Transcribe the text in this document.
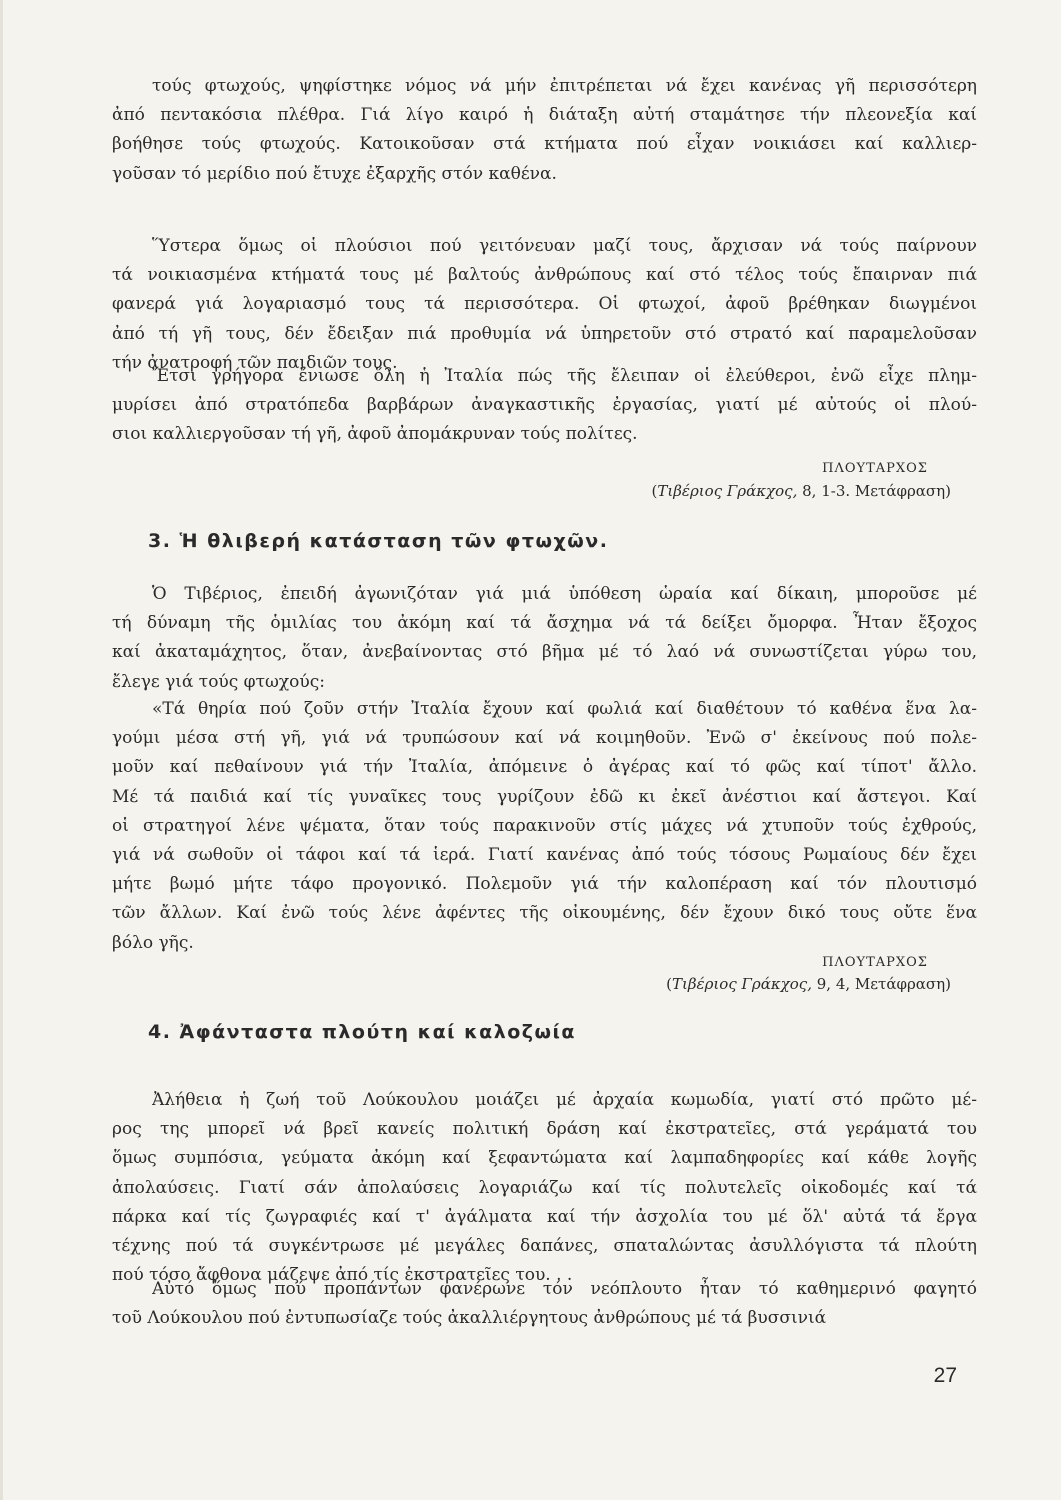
τούς φτωχούς, ψηφίστηκε νόμος νά μήν ἐπιτρέπεται νά ἔχει κανένας γῆ περισσότερη
ἀπό πεντακόσια πλέθρα. Γιά λίγο καιρό ἡ διάταξη αὐτή σταμάτησε τήν πλεονεξία καί
βοήθησε τούς φτωχούς. Κατοικοῦσαν στά κτήματα πού εἶχαν νοικιάσει καί καλλιερ-
γοῦσαν τό μερίδιο πού ἔτυχε ἐξαρχῆς στόν καθένα.
Ὕστερα ὅμως οἱ πλούσιοι πού γειτόνευαν μαζί τους, ἄρχισαν νά τούς παίρνουν
τά νοικιασμένα κτήματά τους μέ βαλτούς ἀνθρώπους καί στό τέλος τούς ἔπαιρναν πιά
φανερά γιά λογαριασμό τους τά περισσότερα. Οἱ φτωχοί, ἀφοῦ βρέθηκαν διωγμένοι
ἀπό τή γῆ τους, δέν ἔδειξαν πιά προθυμία νά ὑπηρετοῦν στό στρατό καί παραμελοῦσαν
τήν ἀνατροφή τῶν παιδιῶν τους.
Ἔτσι γρήγορα ἔνιωσε ὅλη ἡ Ἰταλία πώς τῆς ἔλειπαν οἱ ἐλεύθεροι, ἐνῶ εἶχε πλημ-
μυρίσει ἀπό στρατόπεδα βαρβάρων ἀναγκαστικῆς ἐργασίας, γιατί μέ αὐτούς οἱ πλού-
σιοι καλλιεργοῦσαν τή γῆ, ἀφοῦ ἀπομάκρυναν τούς πολίτες.
ΠΛΟΥΤΑΡΧΟΣ
(Τιβέριος Γράκχος, 8, 1-3. Μετάφραση)
3. Ἡ θλιβερή κατάσταση τῶν φτωχῶν.
Ὁ Τιβέριος, ἐπειδή ἀγωνιζόταν γιά μιά ὑπόθεση ὡραία καί δίκαιη, μποροῦσε μέ
τή δύναμη τῆς ὁμιλίας του ἀκόμη καί τά ἄσχημα νά τά δείξει ὄμορφα. Ἦταν ἔξοχος
καί ἀκαταμάχητος, ὅταν, ἀνεβαίνοντας στό βῆμα μέ τό λαό νά συνωστίζεται γύρω του,
ἔλεγε γιά τούς φτωχούς:
«Τά θηρία πού ζοῦν στήν Ἰταλία ἔχουν καί φωλιά καί διαθέτουν τό καθένα ἕνα λα-
γούμι μέσα στή γῆ, γιά νά τρυπώσουν καί νά κοιμηθοῦν. Ἐνῶ σ' ἐκείνους πού πολε-
μοῦν καί πεθαίνουν γιά τήν Ἰταλία, ἀπόμεινε ὁ ἀγέρας καί τό φῶς καί τίποτ' ἄλλο.
Μέ τά παιδιά καί τίς γυναῖκες τους γυρίζουν ἐδῶ κι ἐκεῖ ἀνέστιοι καί ἄστεγοι. Καί
οἱ στρατηγοί λένε ψέματα, ὅταν τούς παρακινοῦν στίς μάχες νά χτυποῦν τούς ἐχθρούς,
γιά νά σωθοῦν οἱ τάφοι καί τά ἱερά. Γιατί κανένας ἀπό τούς τόσους Ρωμαίους δέν ἔχει
μήτε βωμό μήτε τάφο προγονικό. Πολεμοῦν γιά τήν καλοπέραση καί τόν πλουτισμό
τῶν ἄλλων. Καί ἐνῶ τούς λένε ἀφέντες τῆς οἰκουμένης, δέν ἔχουν δικό τους οὔτε ἕνα
βόλο γῆς.
ΠΛΟΥΤΑΡΧΟΣ
(Τιβέριος Γράκχος, 9, 4, Μετάφραση)
4. Ἀφάνταστα πλούτη καί καλοζωία
Ἀλήθεια ἡ ζωή τοῦ Λούκουλου μοιάζει μέ ἀρχαία κωμωδία, γιατί στό πρῶτο μέ-
ρος της μπορεῖ νά βρεῖ κανείς πολιτική δράση καί ἐκστρατεῖες, στά γεράματά του
ὅμως συμπόσια, γεύματα ἀκόμη καί ξεφαντώματα καί λαμπαδηφορίες καί κάθε λογῆς
ἀπολαύσεις. Γιατί σάν ἀπολαύσεις λογαριάζω καί τίς πολυτελεῖς οἰκοδομές καί τά
πάρκα καί τίς ζωγραφιές καί τ' ἀγάλματα καί τήν ἀσχολία του μέ ὅλ' αὐτά τά ἔργα
τέχνης πού τά συγκέντρωσε μέ μεγάλες δαπάνες, σπαταλώντας ἀσυλλόγιστα τά πλούτη
πού τόσο ἄφθονα μάζεψε ἀπό τίς ἐκστρατεῖες του. . .
Αὐτό ὅμως πού προπάντων φανέρωνε τόν νεόπλουτο ἦταν τό καθημερινό φαγητό
τοῦ Λούκουλου πού ἐντυπωσίαζε τούς ἀκαλλιέργητους ἀνθρώπους μέ τά βυσσινιά
27
